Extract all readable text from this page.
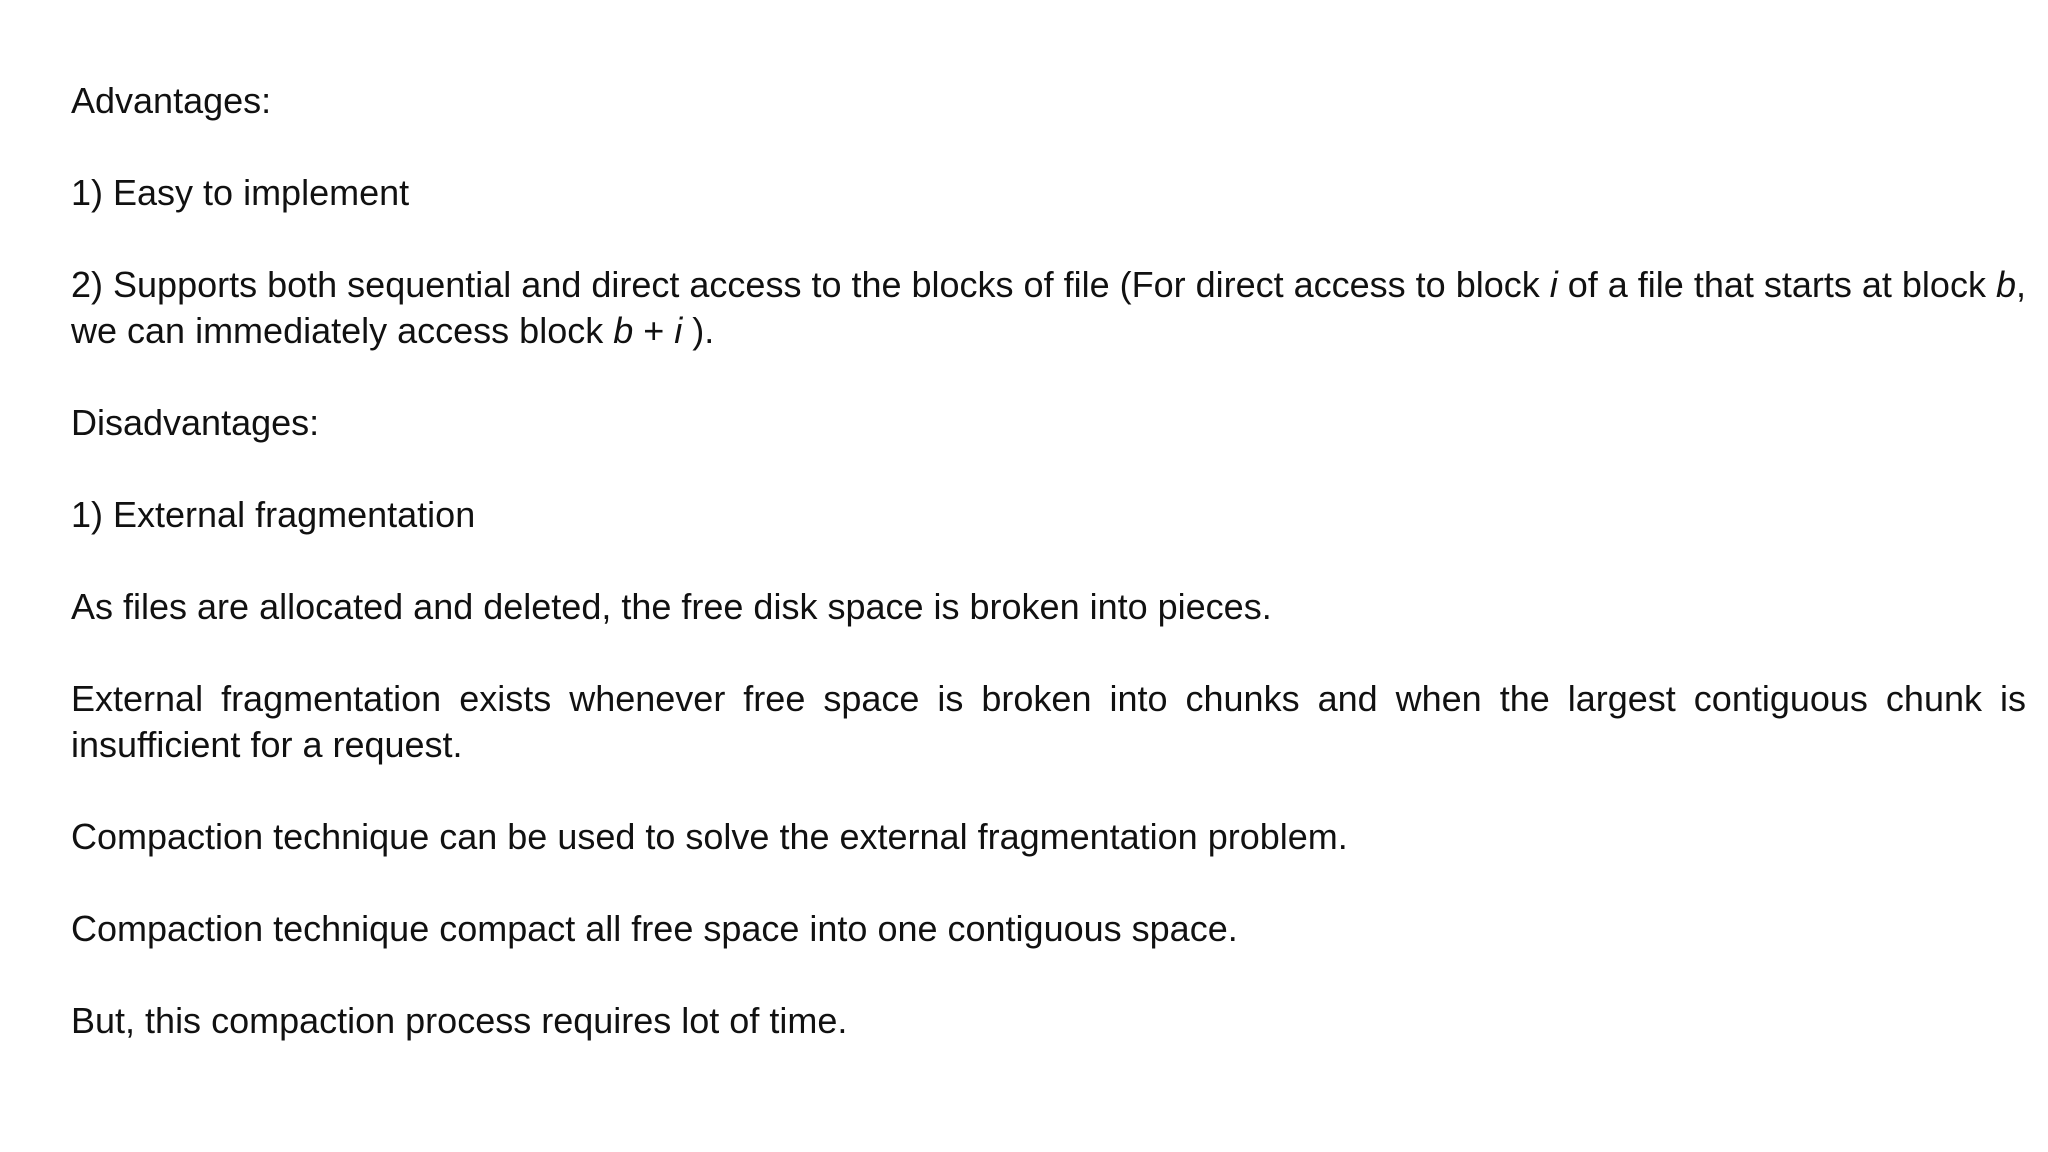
Advantages:

1) Easy to implement

2) Supports both sequential and direct access to the blocks of file (For direct access to block i of a file that starts at block b, we can immediately access block b + i ).

Disadvantages:

1) External fragmentation

As files are allocated and deleted, the free disk space is broken into pieces.

External fragmentation exists whenever free space is broken into chunks and when the largest contiguous chunk is insufficient for a request.

Compaction technique can be used to solve the external fragmentation problem.

Compaction technique compact all free space into one contiguous space.

But, this compaction process requires lot of time.
